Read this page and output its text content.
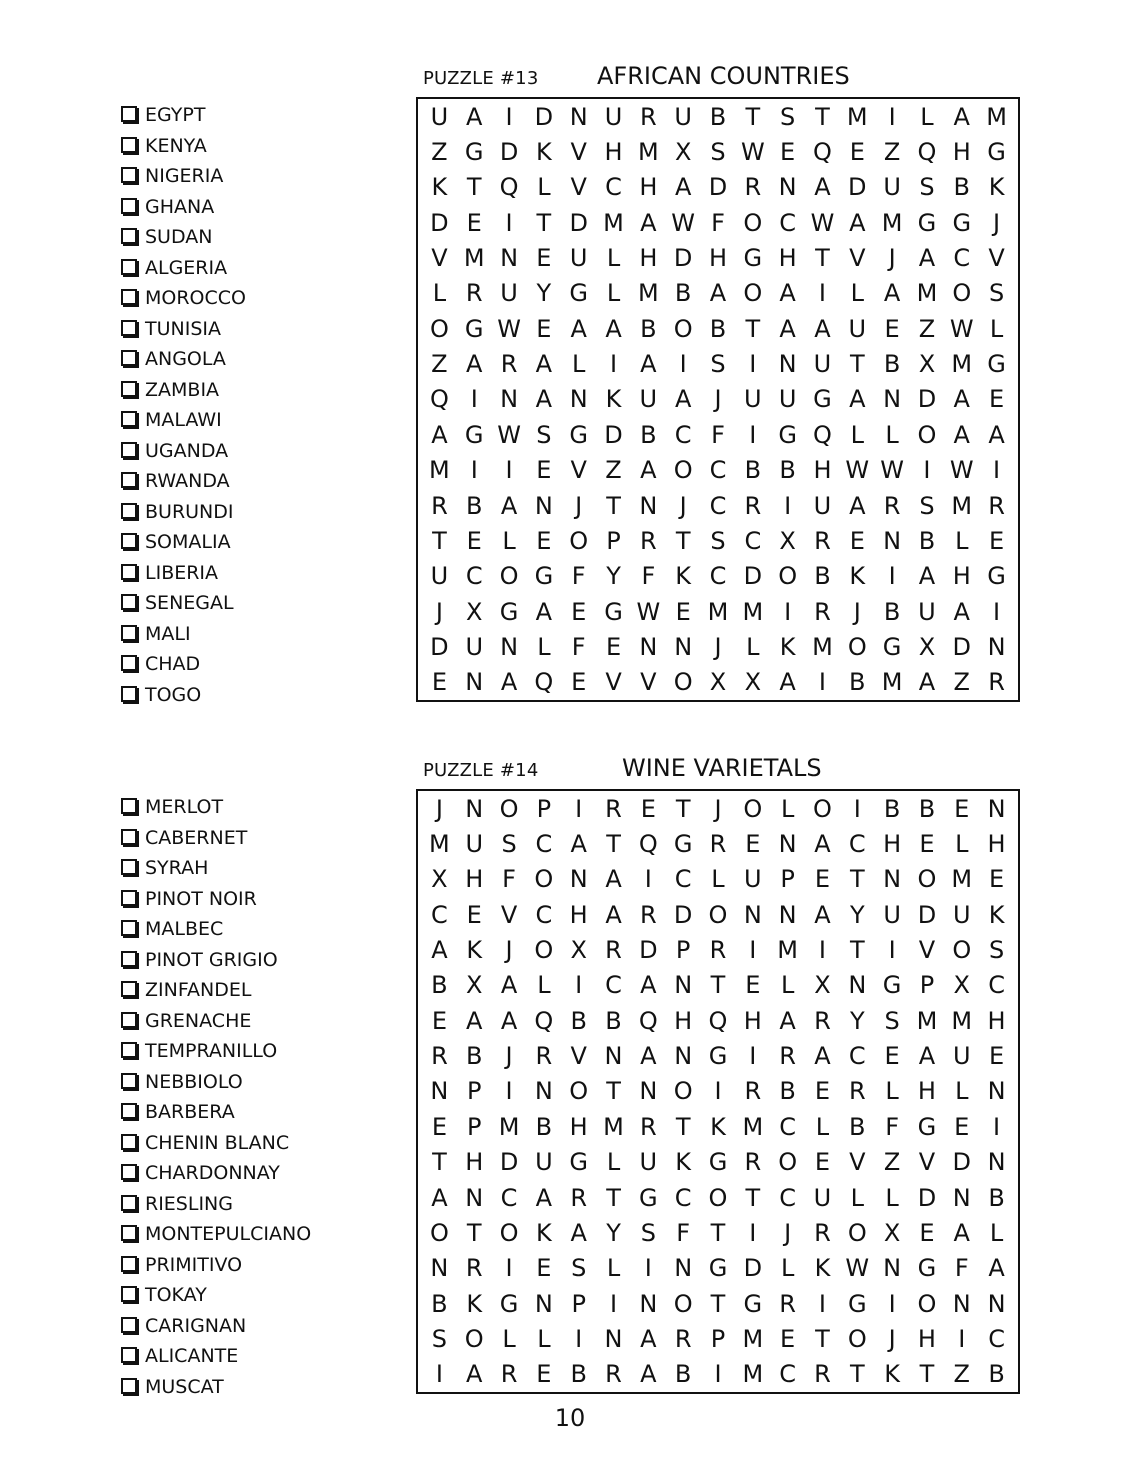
PUZZLE #13 AFRICAN COUNTRIES
EGYPT
KENYA
NIGERIA
GHANA
SUDAN
ALGERIA
MOROCCO
TUNISIA
ANGOLA
ZAMBIA
MALAWI
UGANDA
RWANDA
BURUNDI
SOMALIA
LIBERIA
SENEGAL
MALI
CHAD
TOGO
U A I D N U R U B T S T M I	L A M
Z G D K V H M X S W E Q E Z Q H G
K T Q L V C H A D R N A D U S B K
D E I T D M A W F O C W A M G G J
V M N E U L H D H G H T V J A C V
L R U Y G L M B A O A I	L A M O S
O G W E A A B O B T A A U E Z W L
Z A R A L	I A I S I N U T B X M G
Q I N A N K U A J U U G A N D A E
A G W S G D B C F	I G Q L L O A A
M I	I E V Z A O C B B H W W I W I
R B A N J T N J C R I U A R S M R
T E L E O P R T S C X R E N B L E
U C O G F Y F K C D O B K I A H G
J X G A E G W E M M I R J B U A I
D U N L F E N N J	L K M O G X D N
E N A Q E V V O X X A I B M A Z R
PUZZLE #14	WINE VARIETALS
MERLOT
CABERNET
SYRAH
PINOT NOIR
MALBEC
PINOT GRIGIO
ZINFANDEL
GRENACHE
TEMPRANILLO
NEBBIOLO
BARBERA
CHENIN BLANC
CHARDONNAY
RIESLING
MONTEPULCIANO
PRIMITIVO
TOKAY
CARIGNAN
ALICANTE
MUSCAT
J N O P	I R E T J O L O I B B E N
M U S C A T Q G R E N A C H E L H
X H F O N A I C L U P E T N O M E
C E V C H A R D O N N A Y U D U K
A K J O X R D P R I M I T I V O S
B X A L	I C A N T E L X N G P X C
E A A Q B B Q H Q H A R Y S M M H
R B J R V N A N G I R A C E A U E
N P	I N O T N O I R B E R L H L N
E P M B H M R T K M C L B F G E I
T H D U G L U K G R O E V Z V D N
A N C A R T G C O T C U L L D N B
O T O K A Y S F T I	J R O X E A L
N R I E S L	I N G D L K W N G F A
B K G N P	I N O T G R I G I O N N
S O L L	I N A R P M E T O J H I C
I A R E B R A B I M C R T K T Z B
10
